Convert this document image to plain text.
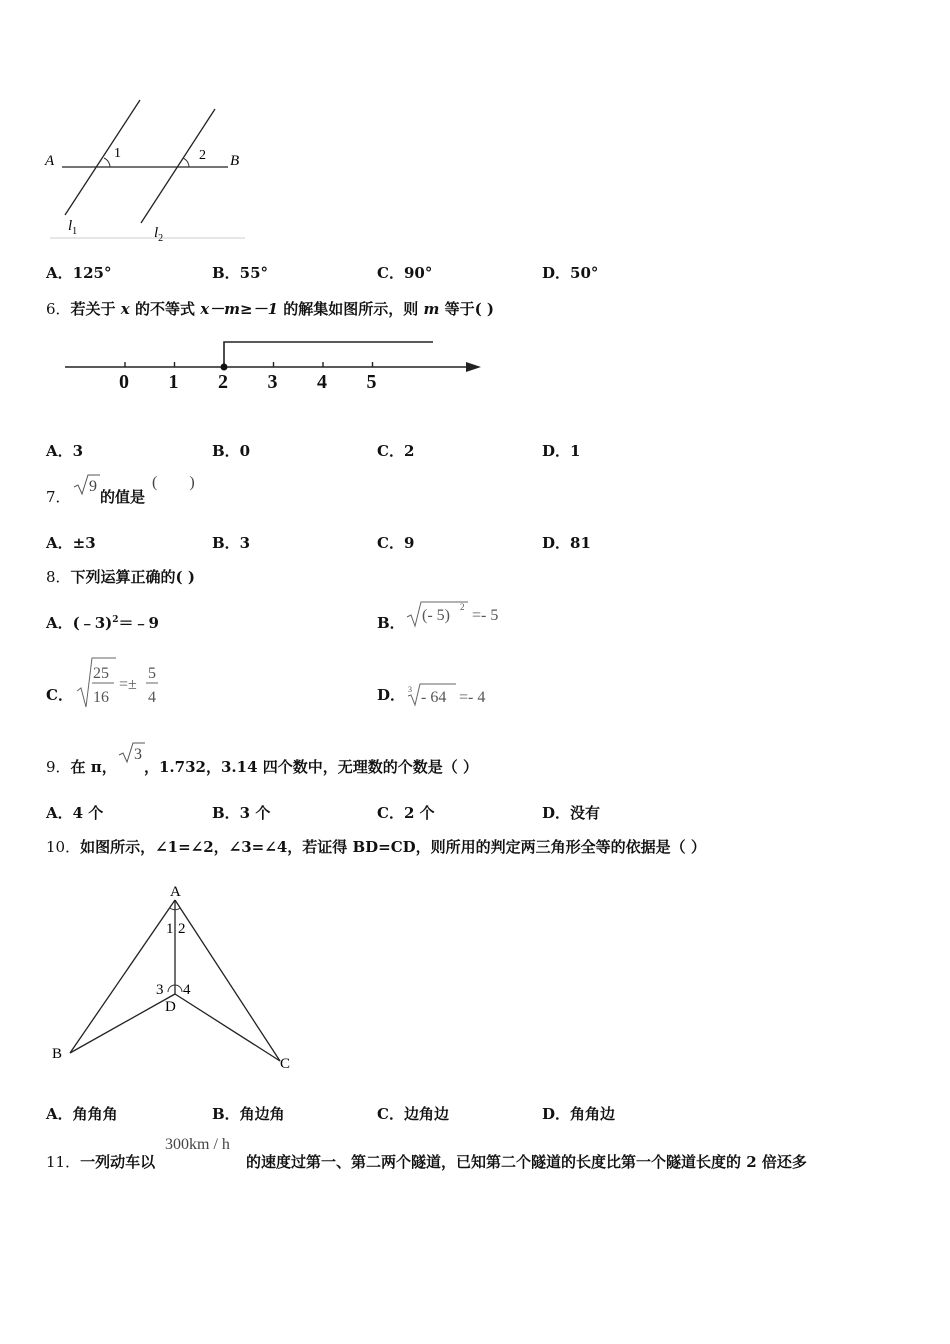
A	B
1	2
$l_1$	$l_2$
A．125°	B．55°	C．90°	D．50°
6．若关于 x 的不等式 x－m≥－1 的解集如图所示，则 m 等于( )
0 1 2 3 4 5
A．3	B．0	C．2	D．1
7．
9
的值是
(        )
A．±3	B．3	C．9	D．81
8．下列运算正确的( )
A．(﹣3)$^2$＝﹣9	B． (- 5) 2 =- 5
C．
25
16
=±
5
4	D． 3 - 64 =- 4
9．在 π，
3
，1.732，3.14 四个数中，无理数的个数是（ ）
A．4 个	B．3 个	C．2 个	D．没有
10．如图所示，∠1=∠2，∠3=∠4，若证得 BD=CD，则所用的判定两三角形全等的依据是（ ）
A
B
C
D
1 2
3 4
A．角角角	B．角边角	C．边角边	D．角角边
11．一列动车以
300km / h
的速度过第一、第二两个隧道，已知第二个隧道的长度比第一个隧道长度的 2 倍还多
